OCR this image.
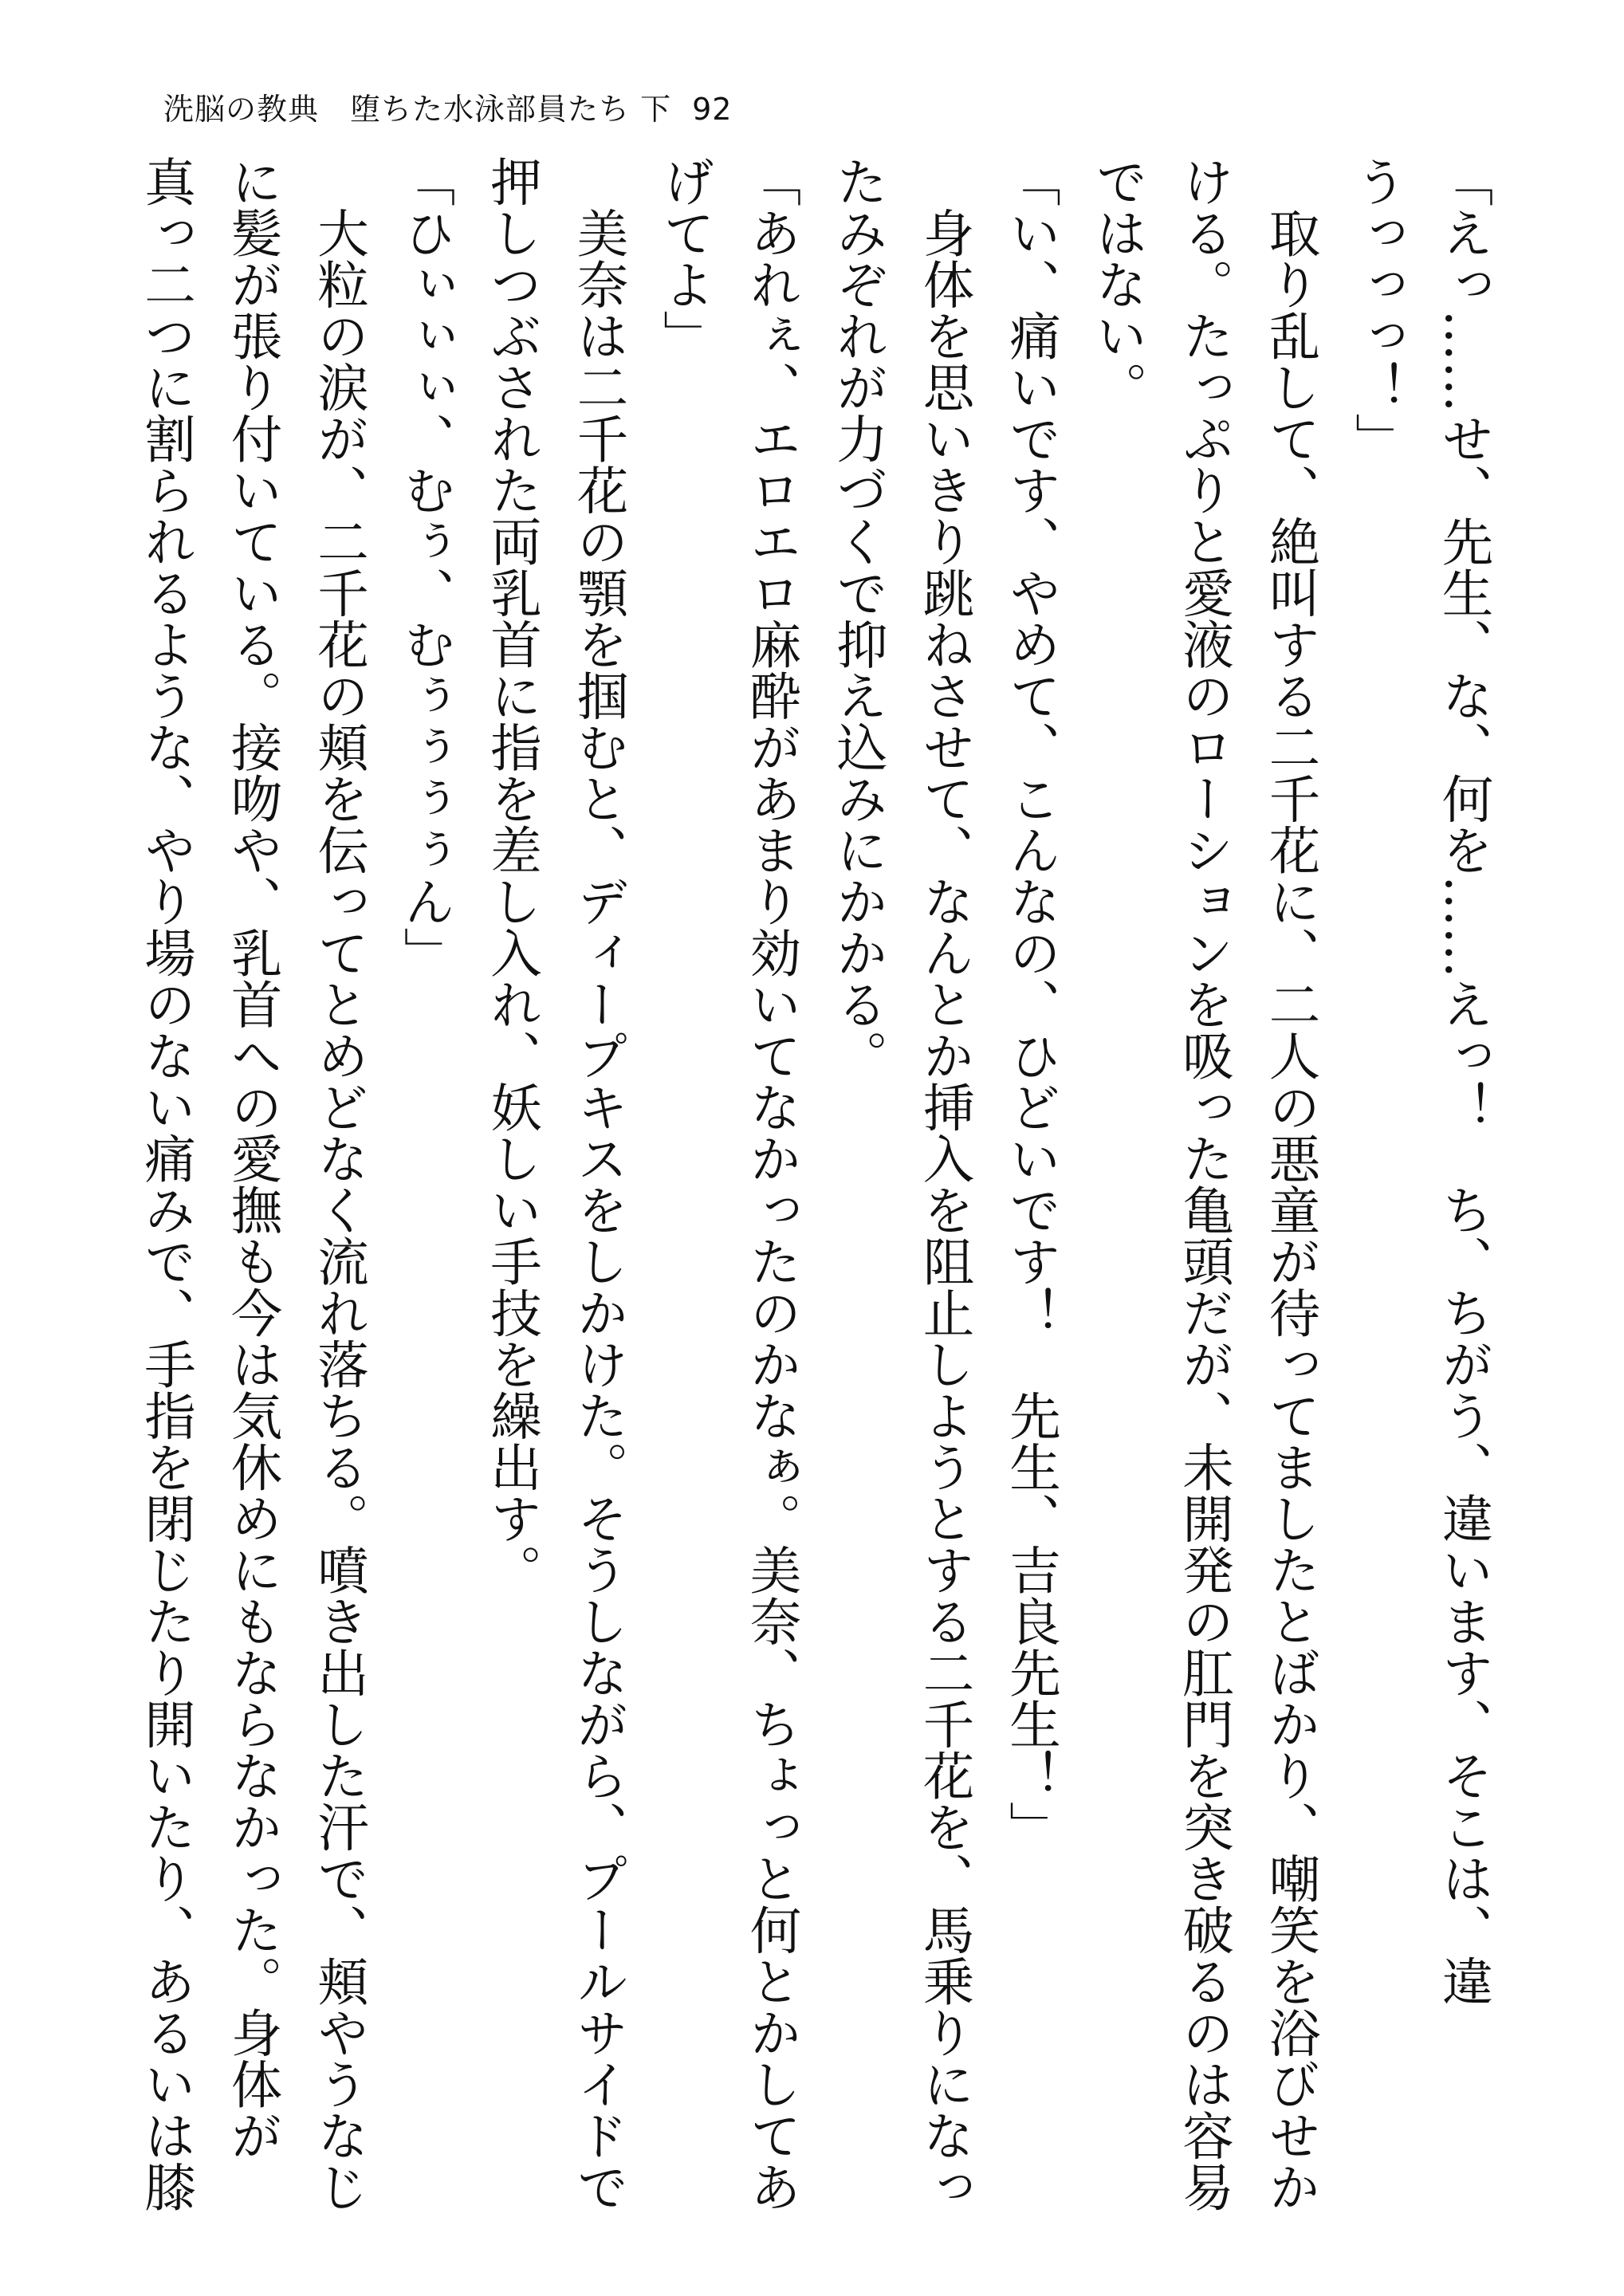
洗脳の教典　堕ちた水泳部員たち 下 92
「えっ……せ、先生、な、何を……えっ！　ち、ちがう、違います、そこは、違
うっっっ！」
　取り乱して、絶叫する二千花に、二人の悪童が待ってましたとばかり、嘲笑を浴びせか
ける。たっぷりと愛液のローションを吸った亀頭だが、未開発の肛門を突き破るのは容易
ではない。
「い、痛いです、やめて、こんなの、ひどいです！　先生、吉良先生！」
　身体を思いきり跳ねさせて、なんとか挿入を阻止しようとする二千花を、馬乗りになっ
たみぞれが力づくで抑え込みにかかる。
「あれぇ、エロエロ麻酔があまり効いてなかったのかなぁ。美奈、ちょっと何とかしてあ
げてよ」
　美奈は二千花の顎を掴むと、ディープキスをしかけた。そうしながら、プールサイドで
押しつぶされた両乳首に指を差し入れ、妖しい手技を繰出す。
「ひぃぃぃ、むぅ、むぅぅぅぅん」
　大粒の涙が、二千花の頬を伝ってとめどなく流れ落ちる。噴き出した汗で、頬やうなじ
に髪が張り付いている。接吻や、乳首への愛撫も今は気休めにもならなかった。身体が
真っ二つに割られるような、やり場のない痛みで、手指を閉じたり開いたり、あるいは膝
